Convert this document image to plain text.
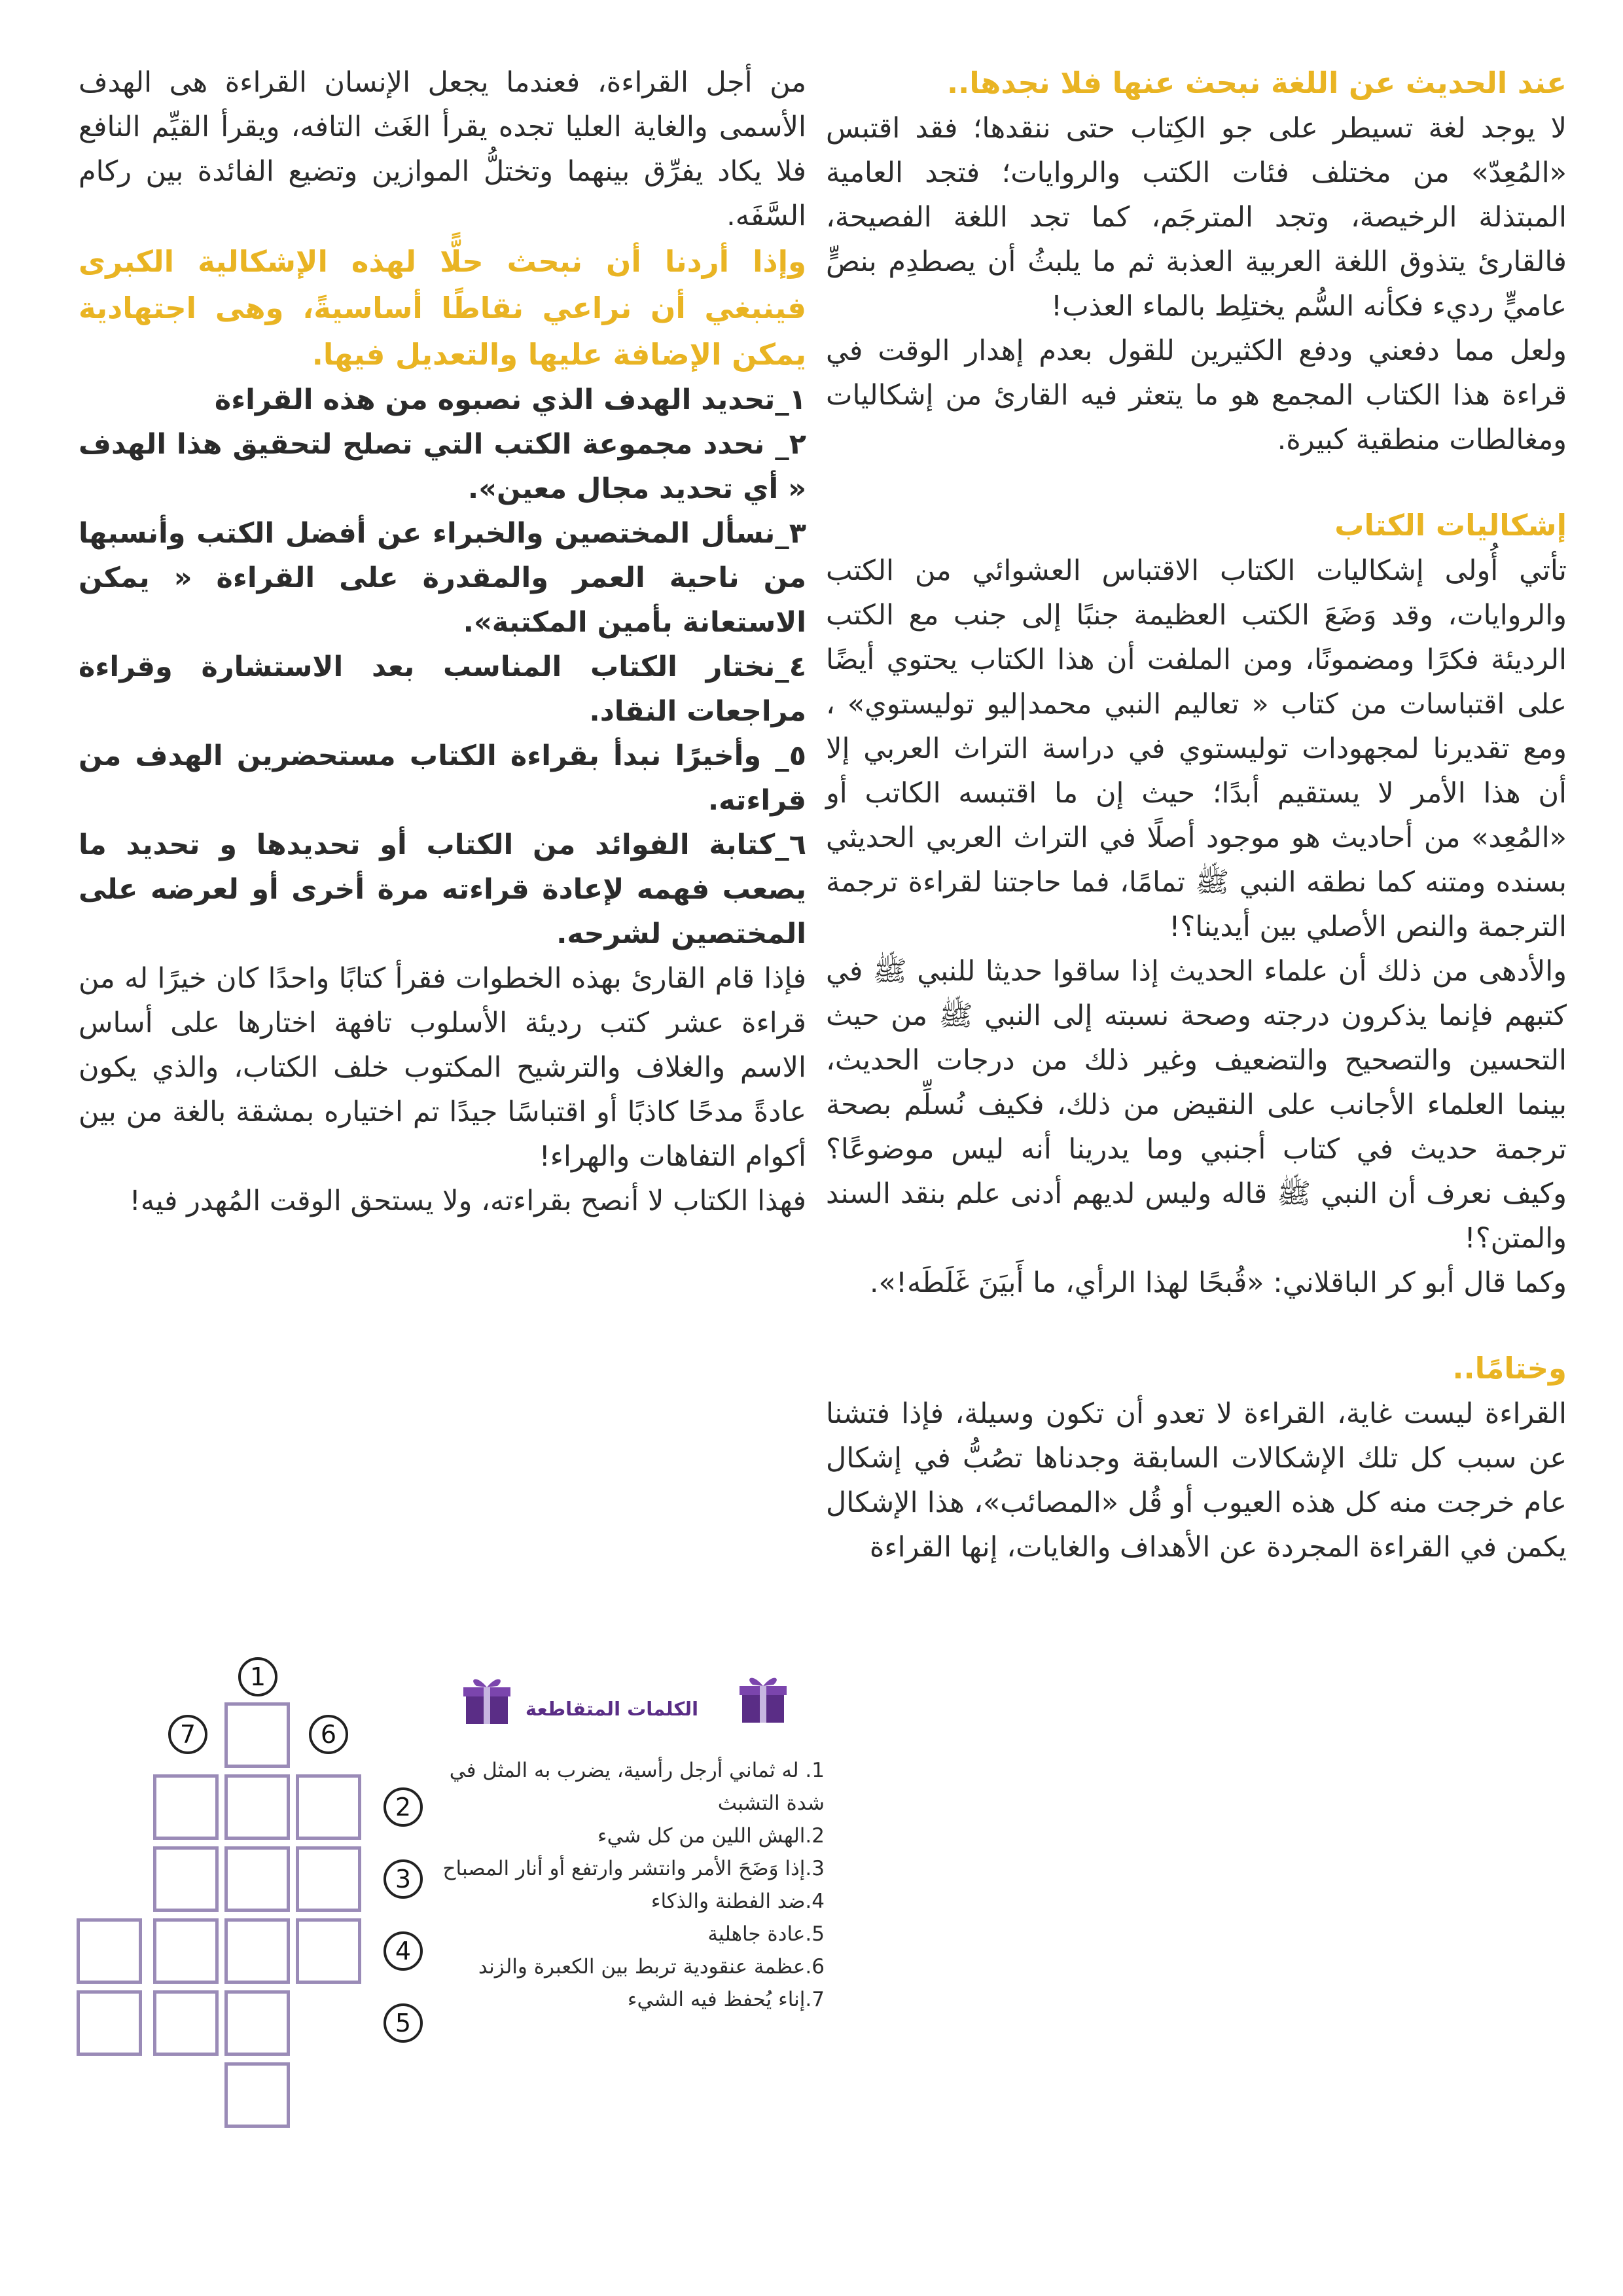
عند الحديث عن اللغة نبحث عنها فلا نجدها..

لا يوجد لغة تسيطر على جو الكِتاب حتى ننقدها؛ فقد اقتبس «المُعِدّ» من مختلف فئات الكتب والروايات؛ فتجد العامية المبتذلة الرخيصة، وتجد المترجَم، كما تجد اللغة الفصيحة، فالقارئ يتذوق اللغة العربية العذبة ثم ما يلبثُ أن يصطدِم بنصٍّ عاميٍّ رديء فكأنه السُّم يختلِط بالماء العذب!

ولعل مما دفعني ودفع الكثيرين للقول بعدم إهدار الوقت في قراءة هذا الكتاب المجمع هو ما يتعثر فيه القارئ من إشكاليات ومغالطات منطقية كبيرة.

إشكاليات الكتاب

تأتي أُولى إشكاليات الكتاب الاقتباس العشوائي من الكتب والروايات، وقد وَضَعَ الكتب العظيمة جنبًا إلى جنب مع الكتب الرديئة فكرًا ومضمونًا، ومن الملفت أن هذا الكتاب يحتوي أيضًا على اقتباسات من كتاب « تعاليم النبي محمد|ليو توليستوي» ، ومع تقديرنا لمجهودات توليستوي في دراسة التراث العربي إلا أن هذا الأمر لا يستقيم أبدًا؛ حيث إن ما اقتبسه الكاتب أو «المُعِد» من أحاديث هو موجود أصلًا في التراث العربي الحديثي بسنده ومتنه كما نطقه النبي ﷺ تمامًا، فما حاجتنا لقراءة ترجمة الترجمة والنص الأصلي بين أيدينا؟!

والأدهى من ذلك أن علماء الحديث إذا ساقوا حديثا للنبي ﷺ في كتبهم فإنما يذكرون درجته وصحة نسبته إلى النبي ﷺ من حيث التحسين والتصحيح والتضعيف وغير ذلك من درجات الحديث، بينما العلماء الأجانب على النقيض من ذلك، فكيف نُسلِّم بصحة ترجمة حديث في كتاب أجنبي وما يدرينا أنه ليس موضوعًا؟ وكيف نعرف أن النبي ﷺ قاله وليس لديهم أدنى علم بنقد السند والمتن؟!

وكما قال أبو كر الباقلاني: «قُبحًا لهذا الرأي، ما أَبيَنَ غَلَطَه!».

وختامًا..

القراءة ليست غاية، القراءة لا تعدو أن تكون وسيلة، فإذا فتشنا عن سبب كل تلك الإشكالات السابقة وجدناها تصُبُّ في إشكال عام خرجت منه كل هذه العيوب أو قُل «المصائب»، هذا الإشكال يكمن في القراءة المجردة عن الأهداف والغايات، إنها القراءة

من أجل القراءة، فعندما يجعل الإنسان القراءة هى الهدف الأسمى والغاية العليا تجده يقرأ الغَث التافه، ويقرأ القيِّم النافع فلا يكاد يفرِّق بينهما وتختلُّ الموازين وتضيع الفائدة بين ركام السَّفَه.

وإذا أردنا أن نبحث حلًّا لهذه الإشكالية الكبرى فينبغي أن نراعي نقاطًا أساسيةً، وهى اجتهادية يمكن الإضافة عليها والتعديل فيها.

١_تحديد الهدف الذي نصبوه من هذه القراءة

٢_ نحدد مجموعة الكتب التي تصلح لتحقيق هذا الهدف « أي تحديد مجال معين».

٣_نسأل المختصين والخبراء عن أفضل الكتب وأنسبها من ناحية العمر والمقدرة على القراءة « يمكن الاستعانة بأمين المكتبة».

٤_نختار الكتاب المناسب بعد الاستشارة وقراءة مراجعات النقاد.

٥_ وأخيرًا نبدأ بقراءة الكتاب مستحضرين الهدف من قراءته.

٦_كتابة الفوائد من الكتاب أو تحديدها و تحديد ما يصعب فهمه لإعادة قراءته مرة أخرى أو لعرضه على المختصين لشرحه.

فإذا قام القارئ بهذه الخطوات فقرأ كتابًا واحدًا كان خيرًا له من قراءة عشر كتب رديئة الأسلوب تافهة اختارها على أساس الاسم والغلاف والترشيح المكتوب خلف الكتاب، والذي يكون عادةً مدحًا كاذبًا أو اقتباسًا جيدًا تم اختياره بمشقة بالغة من بين أكوام التفاهات والهراء!

فهذا الكتاب لا أنصح بقراءته، ولا يستحق الوقت المُهدر فيه!

الكلمات المتقاطعة
1
2
3
4
5
6
7
1. له ثماني أرجل رأسية، يضرب به المثل في شدة التشبث
2.الهش اللين من كل شيء
3.إذا وَضَحَ الأمر وانتشر وارتفع أو أنار المصباح
4.ضد الفطنة والذكاء
5.عادة جاهلية
6.عظمة عنقودية تربط بين الكعبرة والزند
7.إناء يُحفظ فيه الشيء
